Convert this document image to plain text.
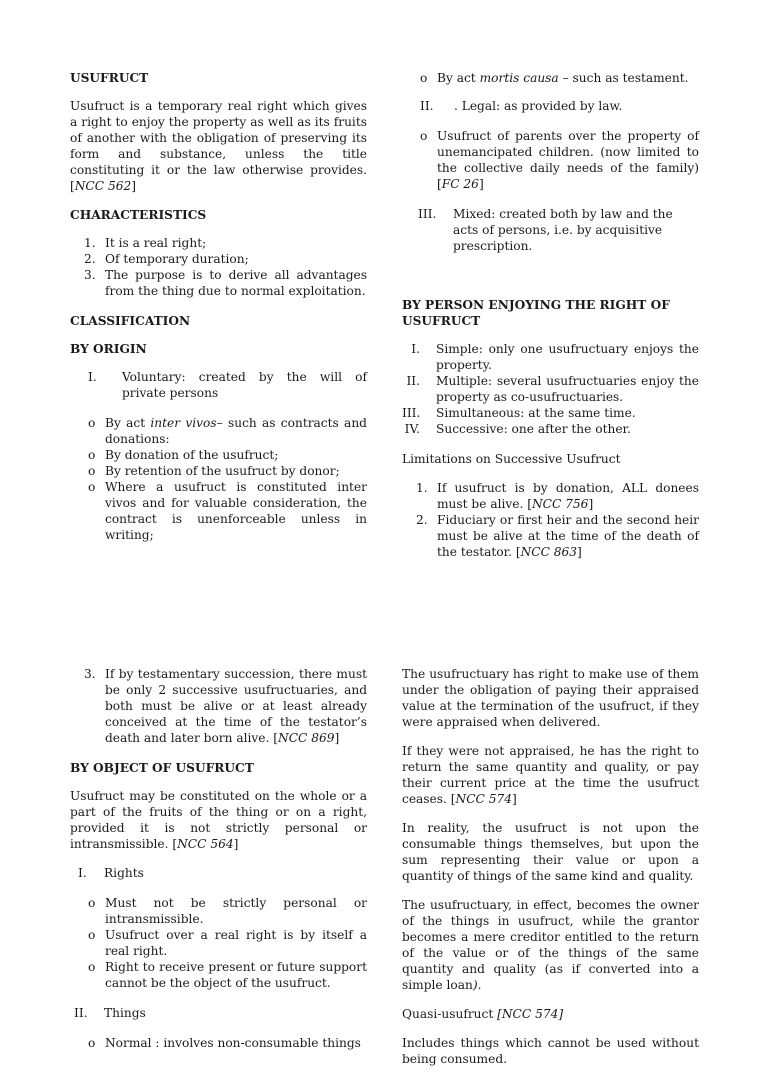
USUFRUCT

Usufruct is a temporary real right which gives a right to enjoy the property as well as its fruits of another with the obligation of preserving its form and substance, unless the title constituting it or the law otherwise provides. [NCC 562]

CHARACTERISTICS
1. It is a real right;
2. Of temporary duration;
3. The purpose is to derive all advantages from the thing due to normal exploitation.
CLASSIFICATION
BY ORIGIN
I.	Voluntary: created by the will of private persons
o By act inter vivos– such as contracts and donations:
o By donation of the usufruct;
o By retention of the usufruct by donor;
o Where a usufruct is constituted inter vivos and for valuable consideration, the contract is unenforceable unless in writing;
o By act mortis causa – such as testament.
II.	. Legal: as provided by law.
o Usufruct of parents over the property of unemancipated children. (now limited to the collective daily needs of the family) [FC 26]
III.	Mixed: created both by law and the acts of persons, i.e. by acquisitive prescription.
BY PERSON ENJOYING THE RIGHT OF USUFRUCT
I. Simple: only one usufructuary enjoys the property.
II. Multiple: several usufructuaries enjoy the property as co-usufructuaries.
III. Simultaneous: at the same time.
IV. Successive: one after the other.

Limitations on Successive Usufruct

1. If usufruct is by donation, ALL donees must be alive. [NCC 756]
2. Fiduciary or first heir and the second heir must be alive at the time of the death of the testator. [NCC 863]
3. If by testamentary succession, there must be only 2 successive usufructuaries, and both must be alive or at least already conceived at the time of the testator’s death and later born alive. [NCC 869]
BY OBJECT OF USUFRUCT

Usufruct may be constituted on the whole or a part of the fruits of the thing or on a right, provided it is not strictly personal or intransmissible. [NCC 564]

I.	Rights
o Must not be strictly personal or intransmissible.
o Usufruct over a real right is by itself a real right.
o Right to receive present or future support cannot be the object of the usufruct.
II.	Things
o Normal : involves non-consumable things

The usufructuary has right to make use of them under the obligation of paying their appraised value at the termination of the usufruct, if they were appraised when delivered.

If they were not appraised, he has the right to return the same quantity and quality, or pay their current price at the time the usufruct ceases. [NCC 574]

In reality, the usufruct is not upon the consumable things themselves, but upon the sum representing their value or upon a quantity of things of the same kind and quality.

The usufructuary, in effect, becomes the owner of the things in usufruct, while the grantor becomes a mere creditor entitled to the return of the value or of the things of the same quantity and quality (as if converted into a simple loan).

Quasi-usufruct [NCC 574]

Includes things which cannot be used without being consumed.
